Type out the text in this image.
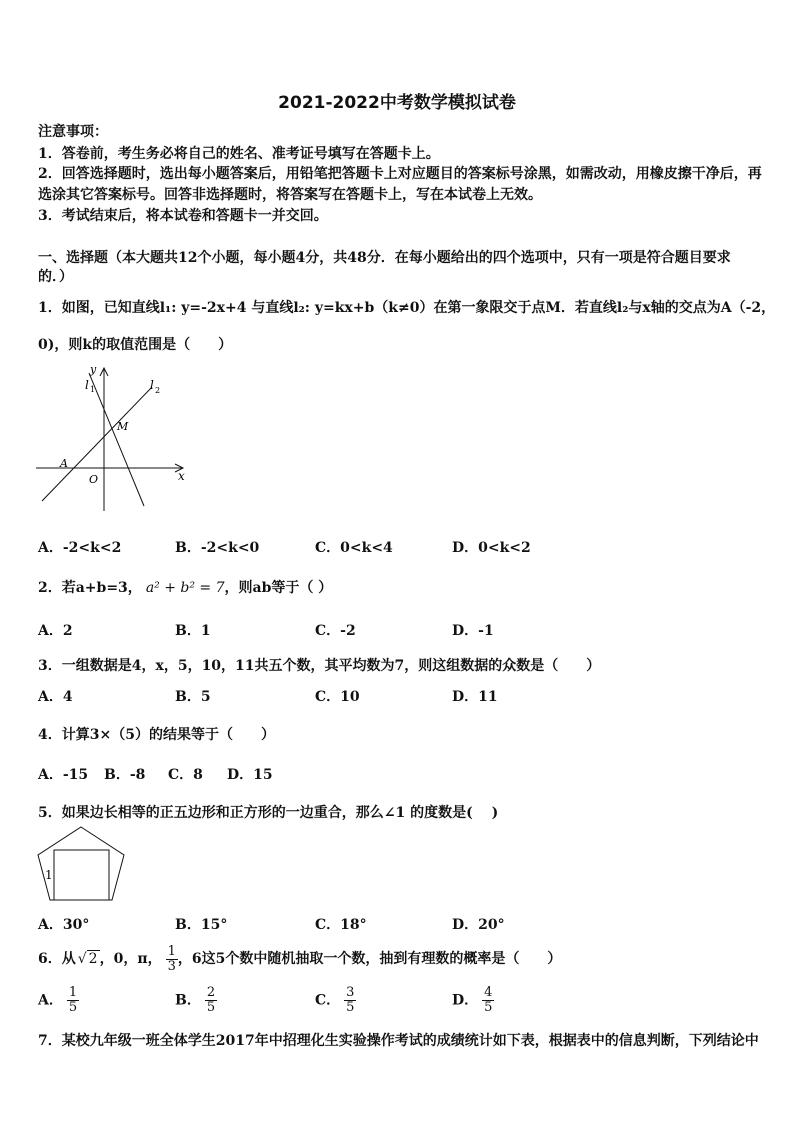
2021-2022中考数学模拟试卷
注意事项：
1．答卷前，考生务必将自己的姓名、准考证号填写在答题卡上。
2．回答选择题时，选出每小题答案后，用铅笔把答题卡上对应题目的答案标号涂黑，如需改动，用橡皮擦干净后，再
选涂其它答案标号。回答非选择题时，将答案写在答题卡上，写在本试卷上无效。
3．考试结束后，将本试卷和答题卡一并交回。
一、选择题（本大题共12个小题，每小题4分，共48分．在每小题给出的四个选项中，只有一项是符合题目要求
的．）
1．如图，已知直线l₁: y=-2x+4 与直线l₂: y=kx+b（k≠0）在第一象限交于点M．若直线l₂与x轴的交点为A（-2，
0)，则k的取值范围是（　　）
y
x
l 1	l 2
M
A
O
A．-2<k<2	B．-2<k<0	C．0<k<4	D．0<k<2
2．若a+b=3， a² + b² = 7，则ab等于（ ）
A．2	B．1	C．-2	D．-1
3．一组数据是4，x，5，10，11共五个数，其平均数为7，则这组数据的众数是（　　）
A．4	B．5	C．10	D．11
4．计算3×（5）的结果等于（　　）
A．-15 B．-8 C．8 D．15
5．如果边长相等的正五边形和正方形的一边重合，那么∠1 的度数是(　 )
1
A．30°	B．15°	C．18°	D．20°
6．从 √ 2 ，0，π， $\frac{1}{3}$ ，6这5个数中随机抽取一个数，抽到有理数的概率是（　　）
A． $\frac{1}{5}$	B． $\frac{2}{5}$	C． $\frac{3}{5}$	D． $\frac{4}{5}$
7．某校九年级一班全体学生2017年中招理化生实验操作考试的成绩统计如下表，根据表中的信息判断，下列结论中
